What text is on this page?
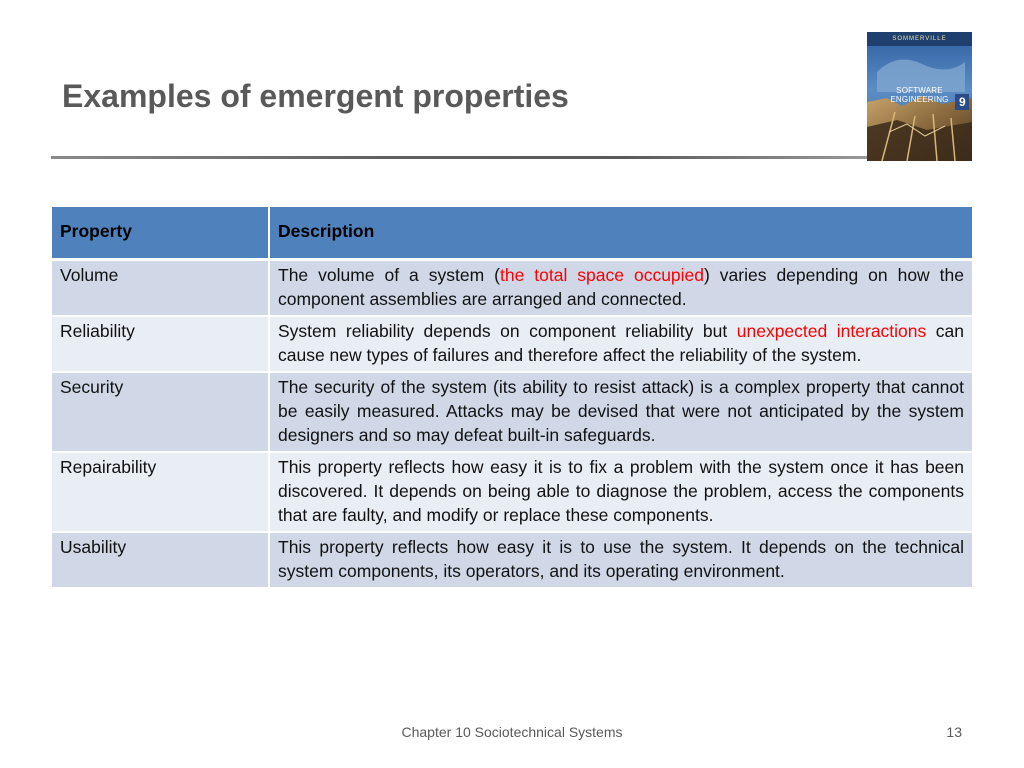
Examples of emergent properties
SOMMERVILLE
SOFTWARE ENGINEERING 9
Property	Description
Volume	The volume of a system (the total space occupied) varies depending on how the component assemblies are arranged and connected.
Reliability	System reliability depends on component reliability but unexpected interactions can cause new types of failures and therefore affect the reliability of the system.
Security	The security of the system (its ability to resist attack) is a complex property that cannot be easily measured. Attacks may be devised that were not anticipated by the system designers and so may defeat built-in safeguards.
Repairability	This property reflects how easy it is to fix a problem with the system once it has been discovered. It depends on being able to diagnose the problem, access the components that are faulty, and modify or replace these components.
Usability	This property reflects how easy it is to use the system. It depends on the technical system components, its operators, and its operating environment.
Chapter 10 Sociotechnical Systems	13
